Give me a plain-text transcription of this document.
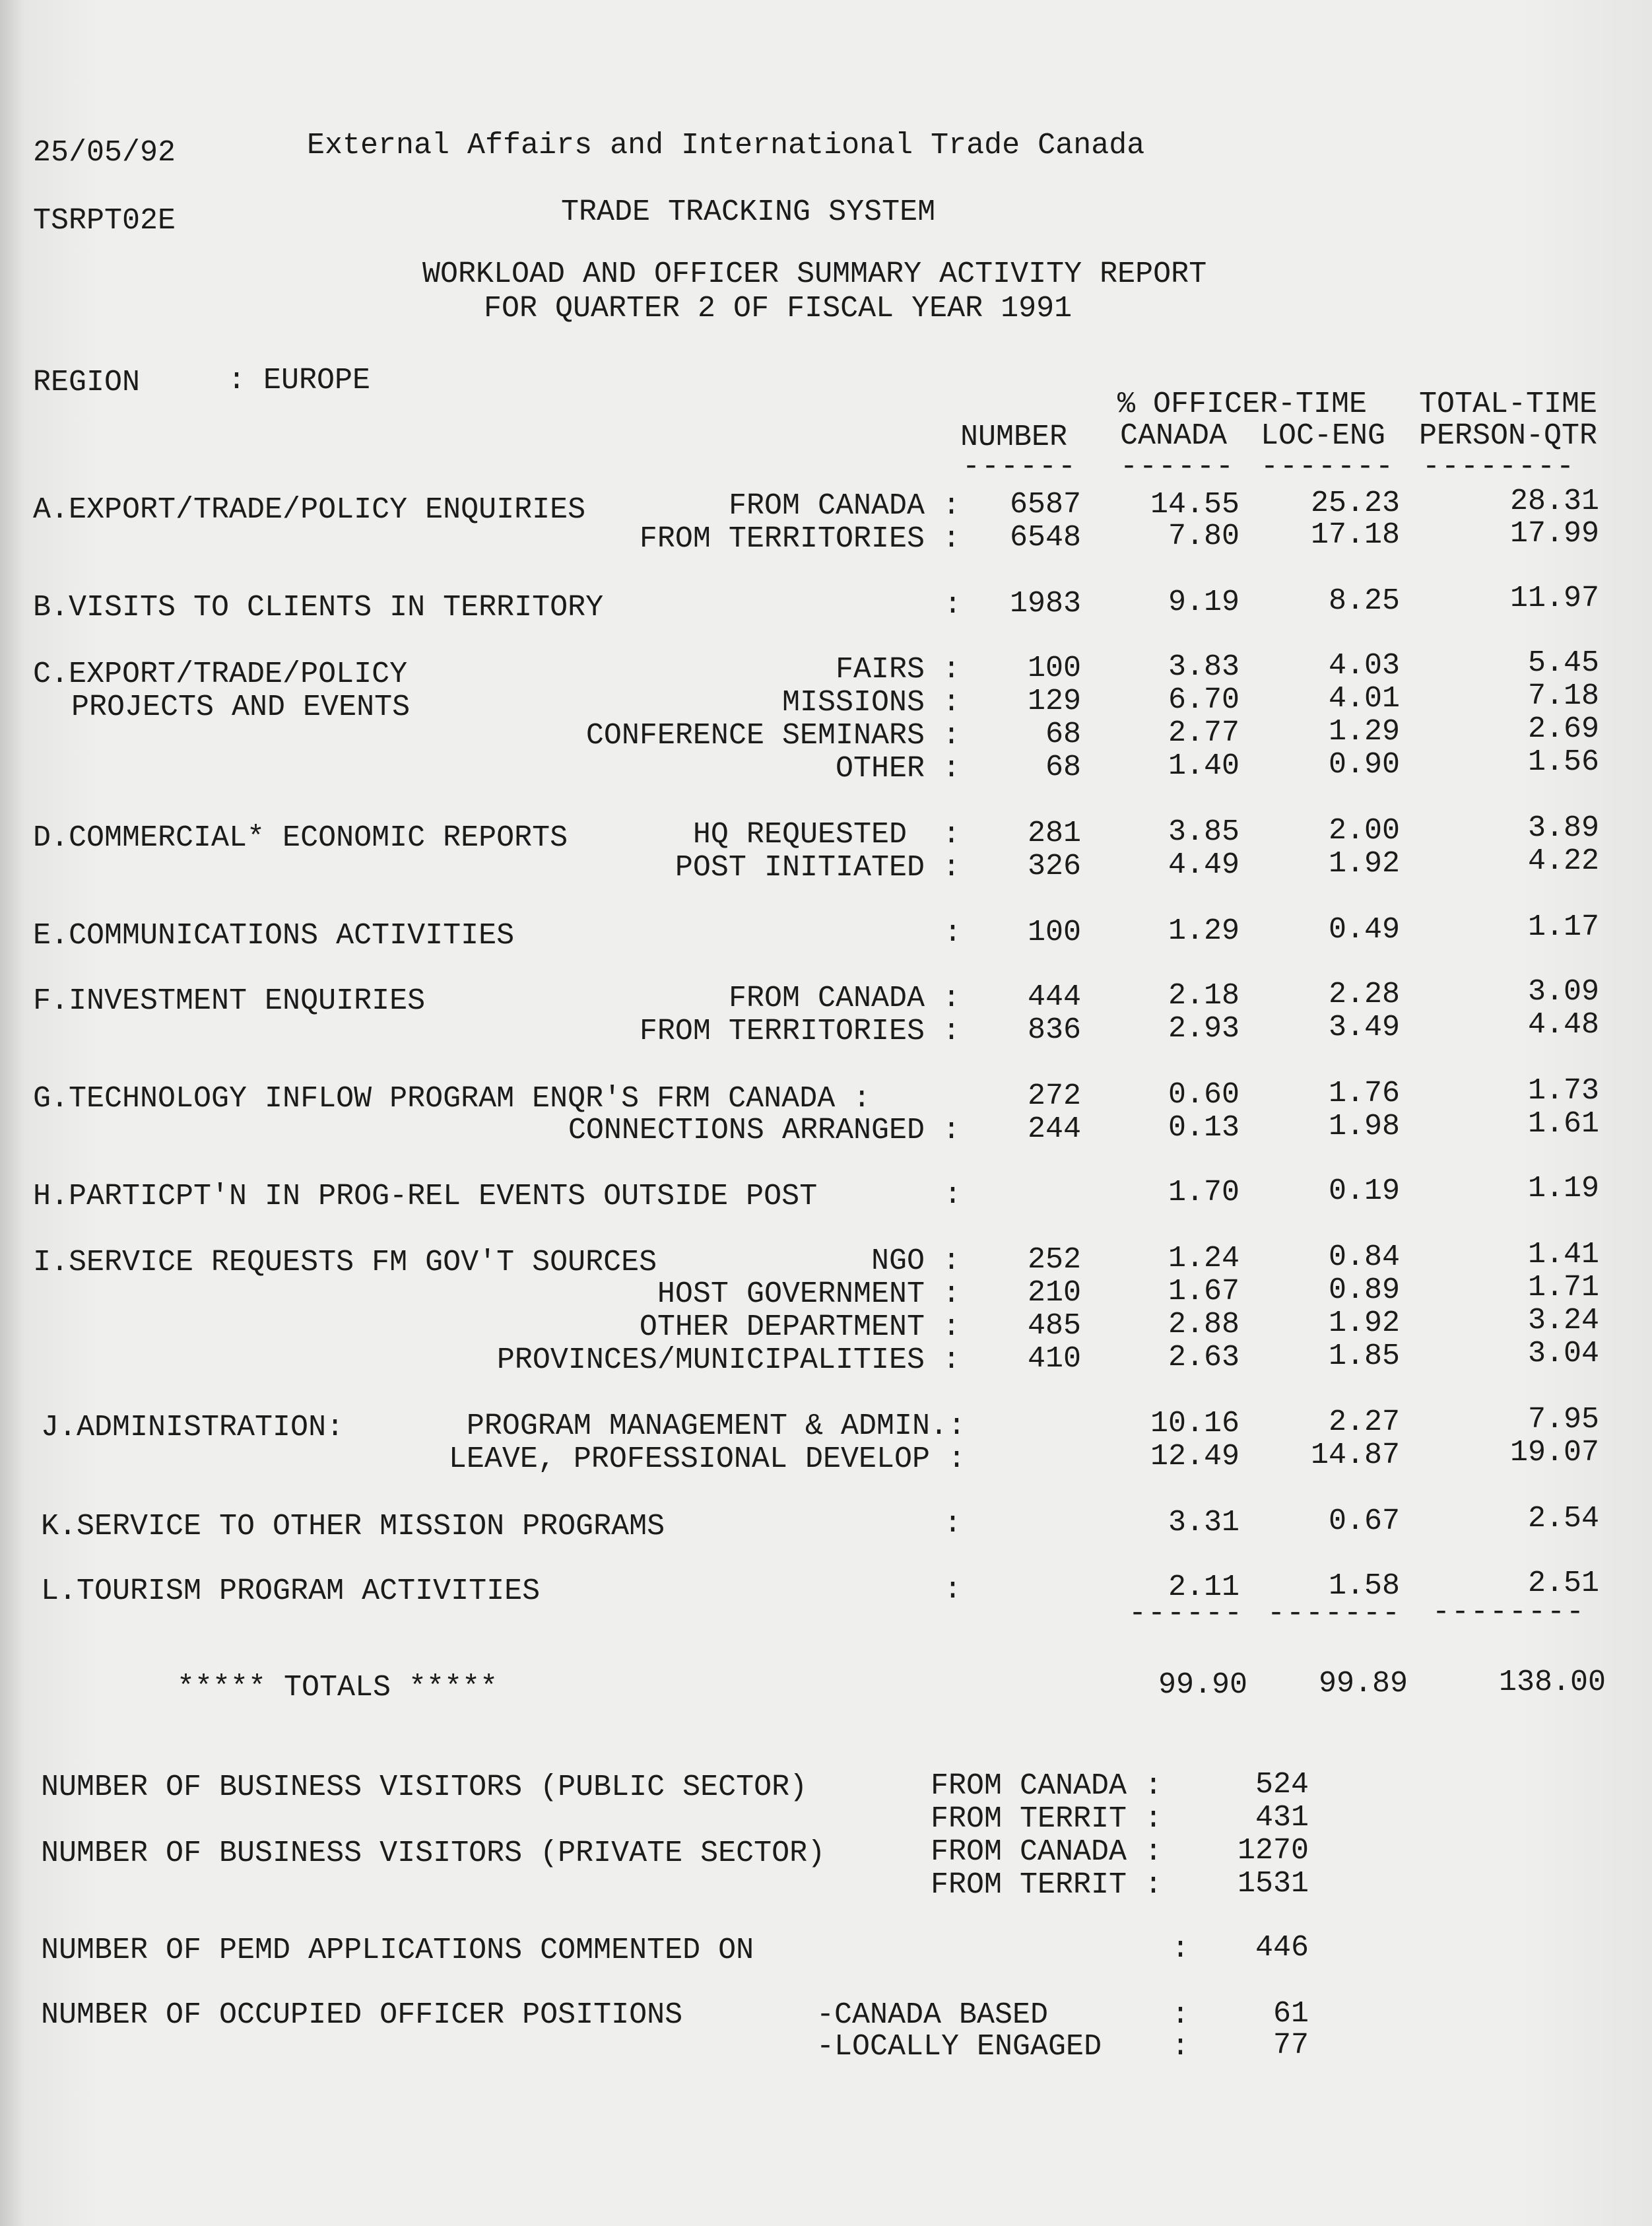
25/05/92	External Affairs and International Trade Canada
TSRPT02E	TRADE TRACKING SYSTEM
WORKLOAD AND OFFICER SUMMARY ACTIVITY REPORT
FOR QUARTER 2 OF FISCAL YEAR 1991
REGION	: EUROPE
% OFFICER-TIME TOTAL-TIME
NUMBER CANADA LOC-ENG PERSON-QTR
------ ------ ------- --------
A.EXPORT/TRADE/POLICY ENQUIRIES	FROM CANADA : 6587 14.55 25.23	28.31
FROM TERRITORIES : 6548	7.80 17.18	17.99
B.VISITS TO CLIENTS IN TERRITORY	: 1983	9.19	8.25	11.97
C.EXPORT/TRADE/POLICY
PROJECTS AND EVENTS
FAIRS : 100	3.83	4.03	5.45
MISSIONS : 129	6.70	4.01	7.18
CONFERENCE SEMINARS :	68	2.77	1.29	2.69
OTHER :	68	1.40	0.90	1.56
D.COMMERCIAL* ECONOMIC REPORTS	HQ REQUESTED  : 281	3.85	2.00	3.89
POST INITIATED : 326	4.49	1.92	4.22
E.COMMUNICATIONS ACTIVITIES	: 100	1.29	0.49	1.17
F.INVESTMENT ENQUIRIES	FROM CANADA : 444	2.18	2.28	3.09
FROM TERRITORIES : 836	2.93	3.49	4.48
G.TECHNOLOGY INFLOW PROGRAM ENQR'S FRM CANADA :	272	0.60	1.76	1.73
CONNECTIONS ARRANGED : 244	0.13	1.98	1.61
H.PARTICPT'N IN PROG-REL EVENTS OUTSIDE POST	:	1.70	0.19	1.19
I.SERVICE REQUESTS FM GOV'T SOURCES	NGO : 252	1.24	0.84	1.41
HOST GOVERNMENT : 210	1.67	0.89	1.71
OTHER DEPARTMENT : 485	2.88	1.92	3.24
PROVINCES/MUNICIPALITIES : 410	2.63	1.85	3.04
J.ADMINISTRATION:	PROGRAM MANAGEMENT & ADMIN.:	10.16	2.27	7.95
LEAVE, PROFESSIONAL DEVELOP :	12.49 14.87	19.07
K.SERVICE TO OTHER MISSION PROGRAMS	:	3.31	0.67	2.54
L.TOURISM PROGRAM ACTIVITIES	:	2.11	1.58	2.51
------ ------- --------
***** TOTALS *****	99.90 99.89	138.00
NUMBER OF BUSINESS VISITORS (PUBLIC SECTOR)	FROM CANADA :	524
FROM TERRIT :	431
NUMBER OF BUSINESS VISITORS (PRIVATE SECTOR)	FROM CANADA :	1270
FROM TERRIT :	1531
NUMBER OF PEMD APPLICATIONS COMMENTED ON	: 446
NUMBER OF OCCUPIED OFFICER POSITIONS	-CANADA BASED	:	61
-LOCALLY ENGAGED :	77
